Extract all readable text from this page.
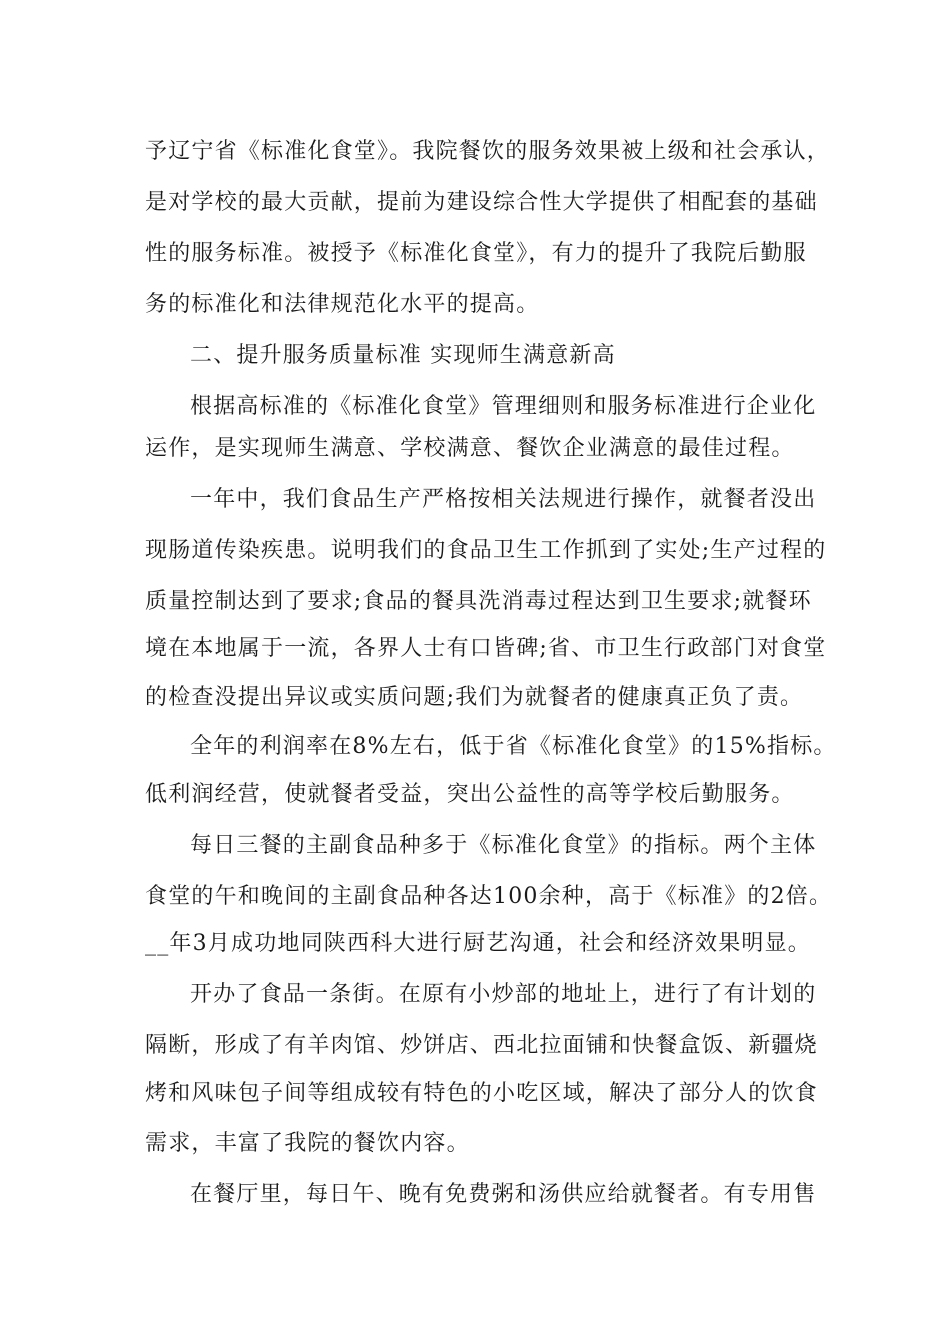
予辽宁省《标准化食堂》。我院餐饮的服务效果被上级和社会承认，
是对学校的最大贡献，提前为建设综合性大学提供了相配套的基础
性的服务标准。被授予《标准化食堂》，有力的提升了我院后勤服
务的标准化和法律规范化水平的提高。
二、提升服务质量标准 实现师生满意新高
根据高标准的《标准化食堂》管理细则和服务标准进行企业化
运作，是实现师生满意、学校满意、餐饮企业满意的最佳过程。
一年中，我们食品生产严格按相关法规进行操作，就餐者没出
现肠道传染疾患。说明我们的食品卫生工作抓到了实处;生产过程的
质量控制达到了要求;食品的餐具洗消毒过程达到卫生要求;就餐环
境在本地属于一流，各界人士有口皆碑;省、市卫生行政部门对食堂
的检查没提出异议或实质问题;我们为就餐者的健康真正负了责。
全年的利润率在8%左右，低于省《标准化食堂》的15%指标。
低利润经营，使就餐者受益，突出公益性的高等学校后勤服务。
每日三餐的主副食品种多于《标准化食堂》的指标。两个主体
食堂的午和晚间的主副食品种各达100余种，高于《标准》的2倍。
__年3月成功地同陕西科大进行厨艺沟通，社会和经济效果明显。
开办了食品一条街。在原有小炒部的地址上，进行了有计划的
隔断，形成了有羊肉馆、炒饼店、西北拉面铺和快餐盒饭、新疆烧
烤和风味包子间等组成较有特色的小吃区域，解决了部分人的饮食
需求，丰富了我院的餐饮内容。
在餐厅里，每日午、晚有免费粥和汤供应给就餐者。有专用售
